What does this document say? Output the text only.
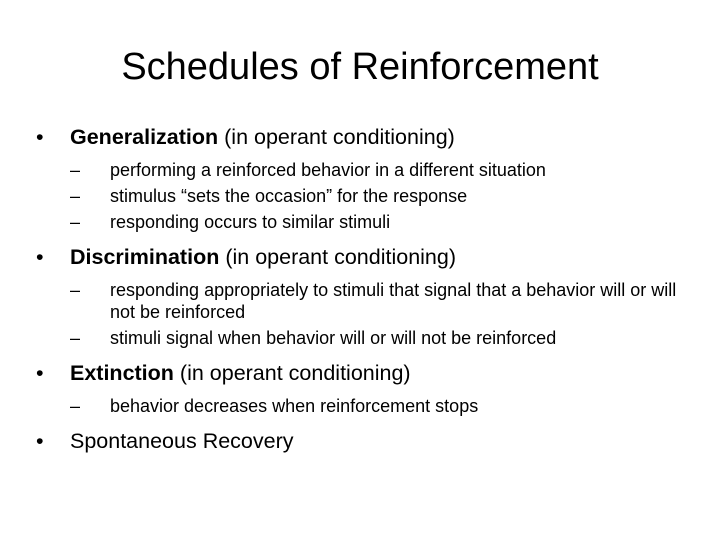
Schedules of Reinforcement
•	Generalization (in operant conditioning)
–	performing a reinforced behavior in a different situation
–	stimulus “sets the occasion” for the response
–	responding occurs to similar stimuli
•	Discrimination (in operant conditioning)
–	responding appropriately to stimuli that signal that a behavior will or will not be reinforced
–	stimuli signal when behavior will or will not be reinforced
•	Extinction (in operant conditioning)
–	behavior decreases when reinforcement stops
•	Spontaneous Recovery
